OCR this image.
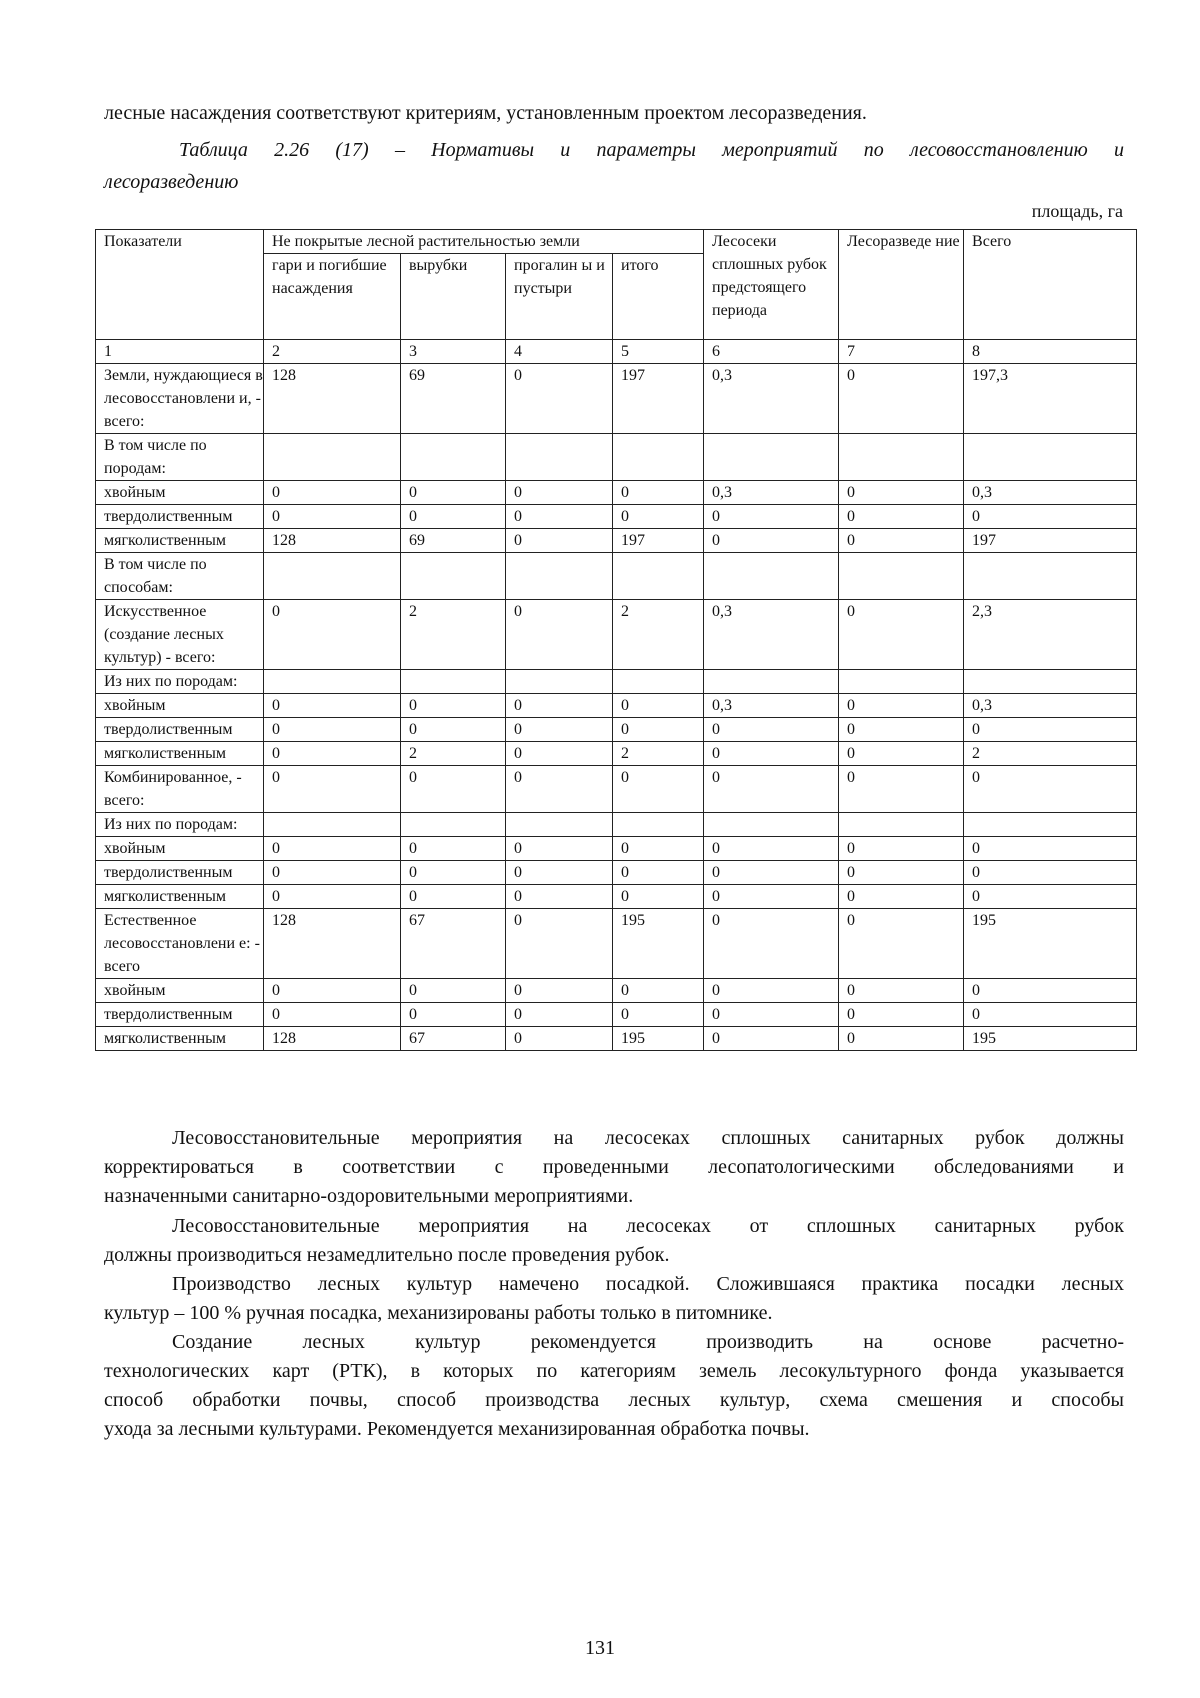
лесные насаждения соответствуют критериям, установленным проектом лесоразведения.
Таблица 2.26 (17) – Нормативы и параметры мероприятий по лесовосстановлению и
лесоразведению
площадь, га
Показатели	Не покрытые лесной растительностью земли				Лесосеки сплошных рубок предстоящего периода	Лесоразведе ние	Всего
	гари и погибшие насаждения	вырубки	прогалин ы и пустыри	итого			
1	2	3	4	5	6	7	8
Земли, нуждающиеся в лесовосстановлени и, - всего:	128	69	0	197	0,3	0	197,3
В том числе по породам:							
хвойным	0	0	0	0	0,3	0	0,3
твердолиственным	0	0	0	0	0	0	0
мягколиственным	128	69	0	197	0	0	197
В том числе по способам:							
Искусственное (создание лесных культур) - всего:	0	2	0	2	0,3	0	2,3
Из них по породам:							
хвойным	0	0	0	0	0,3	0	0,3
твердолиственным	0	0	0	0	0	0	0
мягколиственным	0	2	0	2	0	0	2
Комбинированное, - всего:	0	0	0	0	0	0	0
Из них по породам:							
хвойным	0	0	0	0	0	0	0
твердолиственным	0	0	0	0	0	0	0
мягколиственным	0	0	0	0	0	0	0
Естественное лесовосстановлени е: - всего	128	67	0	195	0	0	195
хвойным	0	0	0	0	0	0	0
твердолиственным	0	0	0	0	0	0	0
мягколиственным	128	67	0	195	0	0	195
Лесовосстановительные мероприятия на лесосеках сплошных санитарных рубок должны
корректироваться в соответствии с проведенными лесопатологическими обследованиями и
назначенными санитарно-оздоровительными мероприятиями.
Лесовосстановительные мероприятия на лесосеках от сплошных санитарных рубок
должны производиться незамедлительно после проведения рубок.
Производство лесных культур намечено посадкой. Сложившаяся практика посадки лесных
культур – 100 % ручная посадка, механизированы работы только в питомнике.
Создание лесных культур рекомендуется производить на основе расчетно-
технологических карт (РТК), в которых по категориям земель лесокультурного фонда указывается
способ обработки почвы, способ производства лесных культур, схема смешения и способы
ухода за лесными культурами. Рекомендуется механизированная обработка почвы.
131
